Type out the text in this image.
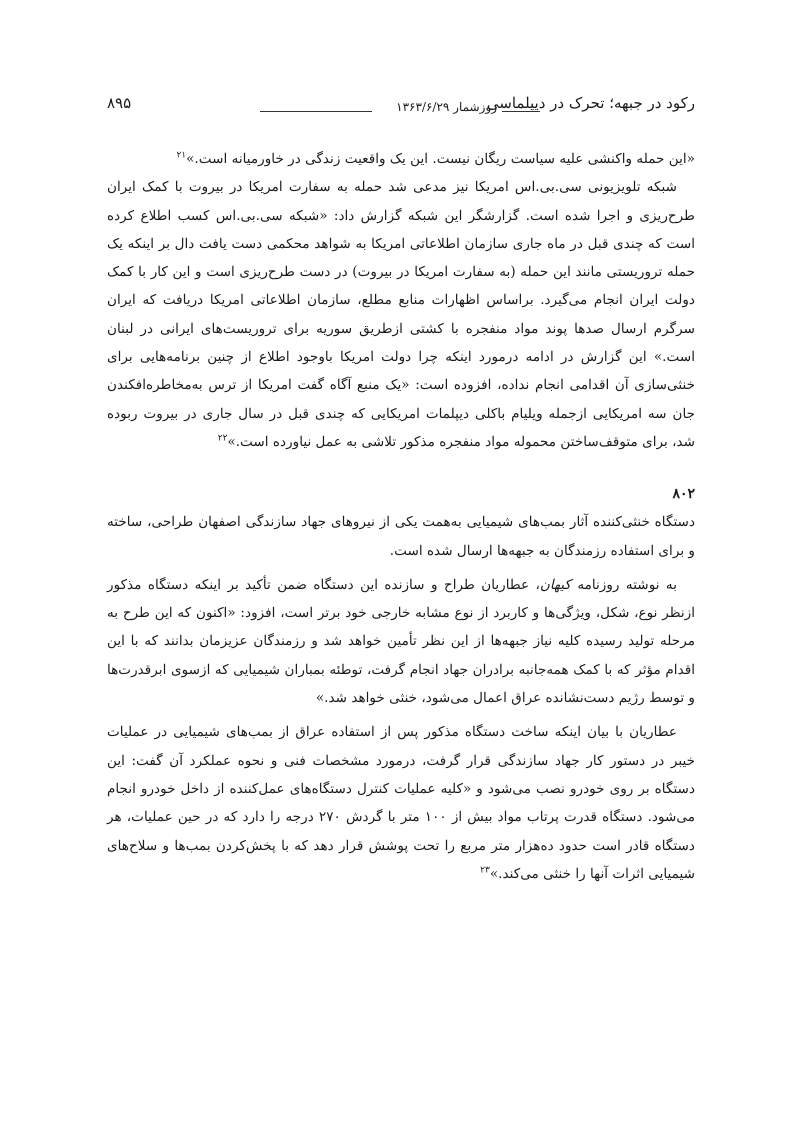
رکود در جبهه؛ تحرک در دیپلماسی
روزشمار ۱۳۶۳/۶/۲۹
۸۹۵

«این حمله واکنشی علیه سیاست ریگان نیست. این یک واقعیت زندگی در خاورمیانه است.»$^{۲۱}$

شبکه تلویزیونی سی.بی.اس امریکا نیز مدعی شد حمله به سفارت امریکا در بیروت با کمک ایران طرح‌ریزی و اجرا شده است. گزارشگر این شبکه گزارش داد: «شبکه سی.بی.اس کسب اطلاع کرده است که چندی قبل در ماه جاری سازمان اطلاعاتی امریکا به شواهد محکمی دست یافت دال بر اینکه یک حمله تروریستی مانند این حمله (به سفارت امریکا در بیروت) در دست طرح‌ریزی است و این کار با کمک دولت ایران انجام می‌گیرد. براساس اظهارات منابع مطلع، سازمان اطلاعاتی امریکا دریافت که ایران سرگرم ارسال صدها پوند مواد منفجره با کشتی ازطریق سوریه برای تروریست‌های ایرانی در لبنان است.» این گزارش در ادامه درمورد اینکه چرا دولت امریکا باوجود اطلاع از چنین برنامه‌هایی برای خنثی‌سازی آن اقدامی انجام نداده، افزوده است: «یک منبع آگاه گفت امریکا از ترس به‌مخاطره‌افکندن جان سه امریکایی ازجمله ویلیام باکلی دیپلمات امریکایی که چندی قبل در سال جاری در بیروت ربوده شد، برای متوقف‌ساختن محموله مواد منفجره مذکور تلاشی به عمل نیاورده است.»$^{۲۲}$

۸۰۲

دستگاه خنثی‌کننده آثار بمب‌های شیمیایی به‌همت یکی از نیروهای جهاد سازندگی اصفهان طراحی، ساخته و برای استفاده رزمندگان به جبهه‌ها ارسال شده است.

به نوشته روزنامه کیهان، عطاریان طراح و سازنده این دستگاه ضمن تأکید بر اینکه دستگاه مذکور ازنظر نوع، شکل، ویژگی‌ها و کاربرد از نوع مشابه خارجی خود برتر است، افزود: «اکنون که این طرح به مرحله تولید رسیده کلیه نیاز جبهه‌ها از این نظر تأمین خواهد شد و رزمندگان عزیزمان بدانند که با این اقدام مؤثر که با کمک همه‌جانبه برادران جهاد انجام گرفت، توطئه بمباران شیمیایی که ازسوی ابرقدرت‌ها و توسط رژیم دست‌نشانده عراق اعمال می‌شود، خنثی خواهد شد.»

عطاریان با بیان اینکه ساخت دستگاه مذکور پس از استفاده عراق از بمب‌های شیمیایی در عملیات خیبر در دستور کار جهاد سازندگی قرار گرفت، درمورد مشخصات فنی و نحوه عملکرد آن گفت: این دستگاه بر روی خودرو نصب می‌شود و «کلیه عملیات کنترل دستگاه‌های عمل‌کننده از داخل خودرو انجام می‌شود. دستگاه قدرت پرتاب مواد بیش از ۱۰۰ متر با گردش ۲۷۰ درجه را دارد که در حین عملیات، هر دستگاه قادر است حدود ده‌هزار متر مربع را تحت پوشش قرار دهد که با پخش‌کردن بمب‌ها و سلاح‌های شیمیایی اثرات آنها را خنثی می‌کند.»$^{۲۳}$
